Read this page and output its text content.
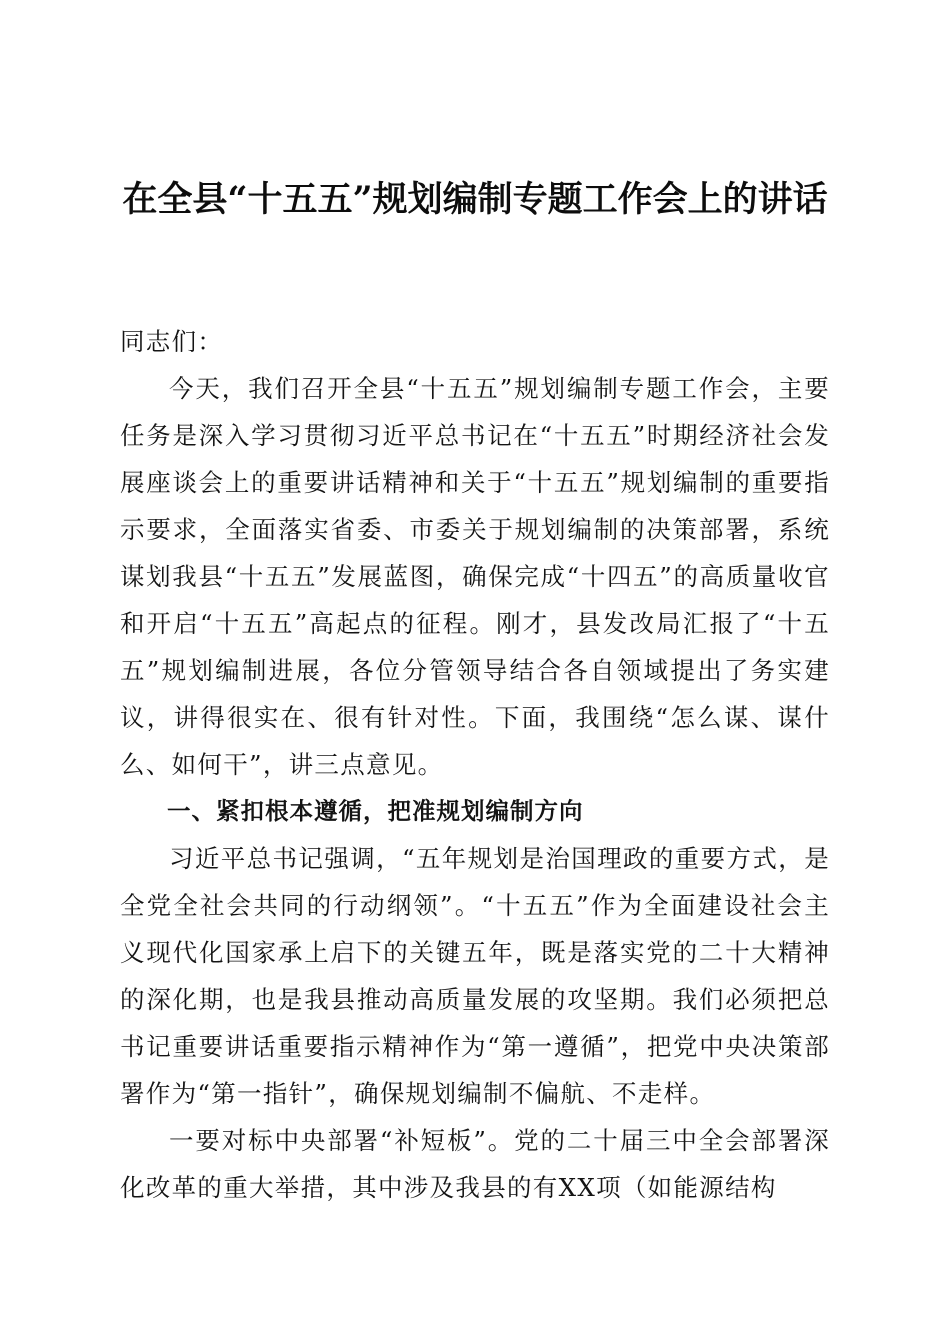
在全县“十五五”规划编制专题工作会上的讲话

同志们：

今天，我们召开全县“十五五”规划编制专题工作会，主要任务是深入学习贯彻习近平总书记在“十五五”时期经济社会发展座谈会上的重要讲话精神和关于“十五五”规划编制的重要指示要求，全面落实省委、市委关于规划编制的决策部署，系统谋划我县“十五五”发展蓝图，确保完成“十四五”的高质量收官和开启“十五五”高起点的征程。刚才，县发改局汇报了“十五五”规划编制进展，各位分管领导结合各自领域提出了务实建议，讲得很实在、很有针对性。下面，我围绕“怎么谋、谋什么、如何干”，讲三点意见。

一、紧扣根本遵循，把准规划编制方向

习近平总书记强调，“五年规划是治国理政的重要方式，是全党全社会共同的行动纲领”。“十五五”作为全面建设社会主义现代化国家承上启下的关键五年，既是落实党的二十大精神的深化期，也是我县推动高质量发展的攻坚期。我们必须把总书记重要讲话重要指示精神作为“第一遵循”，把党中央决策部署作为“第一指针”，确保规划编制不偏航、不走样。

一要对标中央部署“补短板”。党的二十届三中全会部署深化改革的重大举措，其中涉及我县的有XX项（如能源结构
